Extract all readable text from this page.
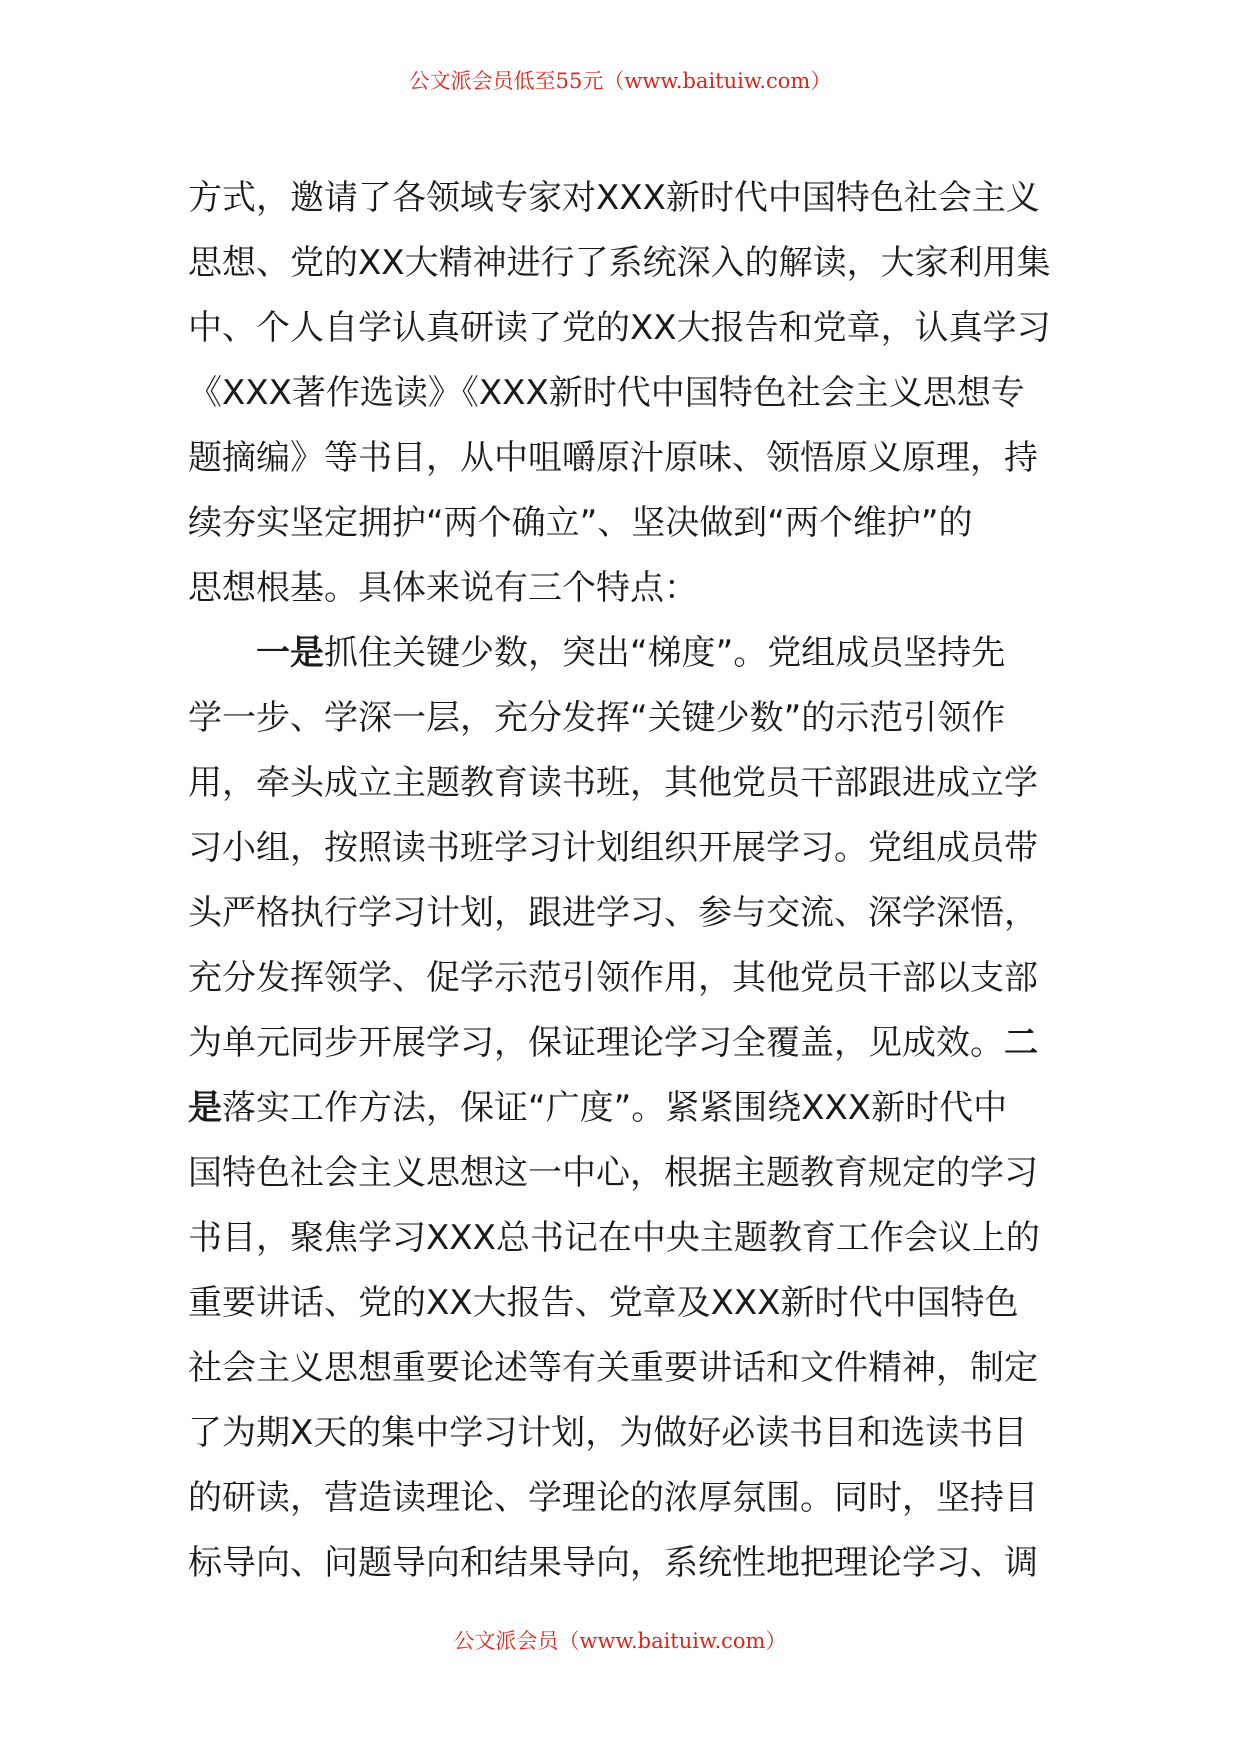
公文派会员低至55元（www.baituiw.com）
方式，邀请了各领域专家对XXX新时代中国特色社会主义
思想、党的XX大精神进行了系统深入的解读，大家利用集
中、个人自学认真研读了党的XX大报告和党章，认真学习
《XXX著作选读》《XXX新时代中国特色社会主义思想专
题摘编》等书目，从中咀嚼原汁原味、领悟原义原理，持
续夯实坚定拥护“两个确立”、坚决做到“两个维护”的
思想根基。具体来说有三个特点：
一是抓住关键少数，突出“梯度”。党组成员坚持先
学一步、学深一层，充分发挥“关键少数”的示范引领作
用，牵头成立主题教育读书班，其他党员干部跟进成立学
习小组，按照读书班学习计划组织开展学习。党组成员带
头严格执行学习计划，跟进学习、参与交流、深学深悟，
充分发挥领学、促学示范引领作用，其他党员干部以支部
为单元同步开展学习，保证理论学习全覆盖，见成效。二
是落实工作方法，保证“广度”。紧紧围绕XXX新时代中
国特色社会主义思想这一中心，根据主题教育规定的学习
书目，聚焦学习XXX总书记在中央主题教育工作会议上的
重要讲话、党的XX大报告、党章及XXX新时代中国特色
社会主义思想重要论述等有关重要讲话和文件精神，制定
了为期X天的集中学习计划，为做好必读书目和选读书目
的研读，营造读理论、学理论的浓厚氛围。同时，坚持目
标导向、问题导向和结果导向，系统性地把理论学习、调
公文派会员（www.baituiw.com）
